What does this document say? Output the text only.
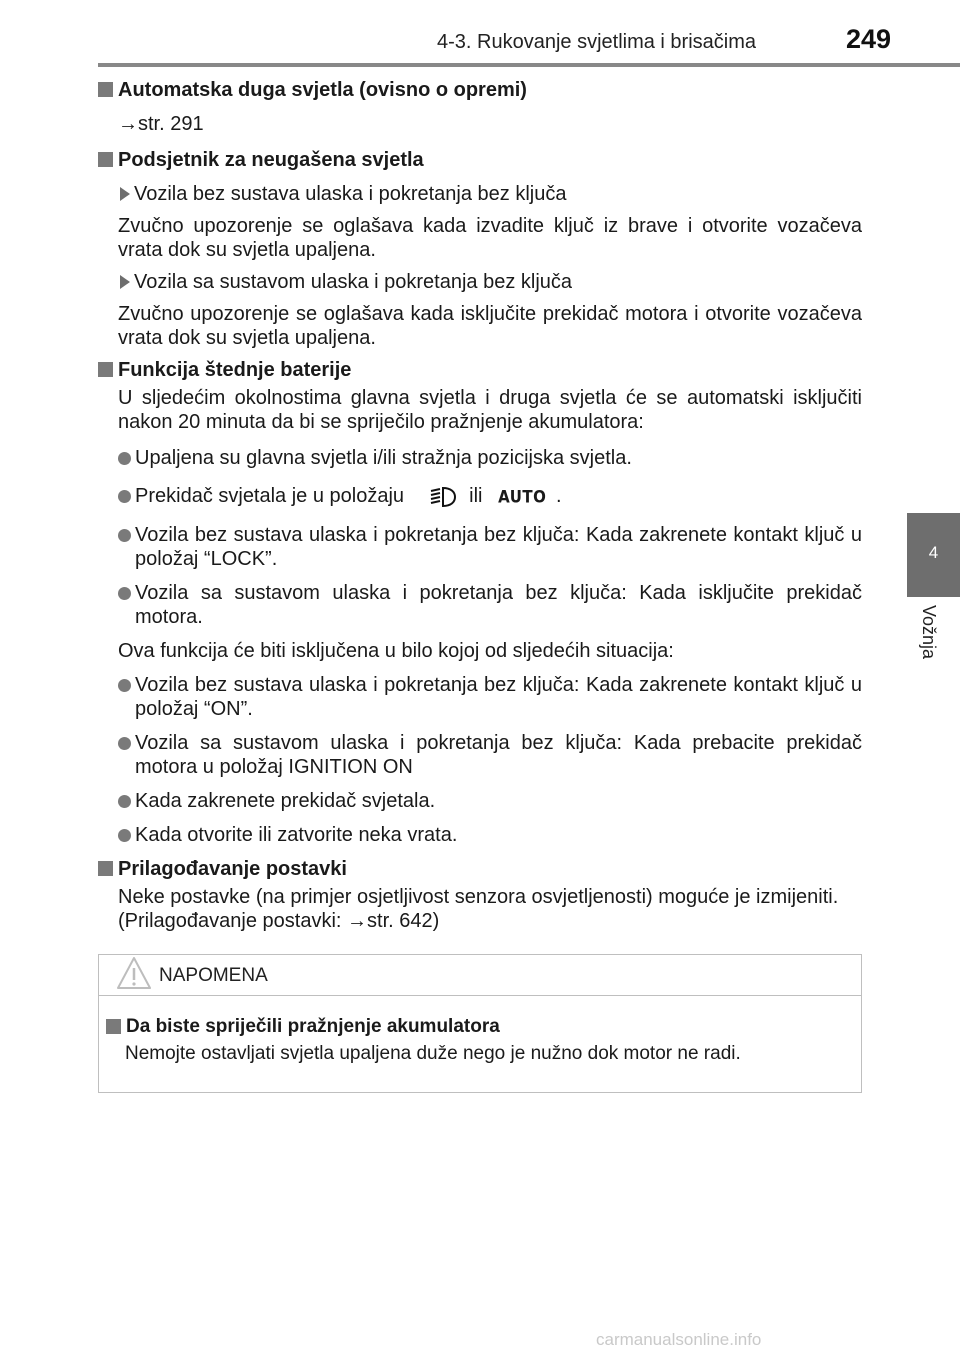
4-3. Rukovanje svjetlima i brisačima	249
4
Vožnja
Automatska duga svjetla (ovisno o opremi)
→str. 291
Podsjetnik za neugašena svjetla
Vozila bez sustava ulaska i pokretanja bez ključa
Zvučno upozorenje se oglašava kada izvadite ključ iz brave i otvorite vozačeva vrata dok su svjetla upaljena.
Vozila sa sustavom ulaska i pokretanja bez ključa
Zvučno upozorenje se oglašava kada isključite prekidač motora i otvorite vozačeva vrata dok su svjetla upaljena.
Funkcija štednje baterije
U sljedećim okolnostima glavna svjetla i druga svjetla će se automatski isključiti nakon 20 minuta da bi se spriječilo pražnjenje akumulatora:
Upaljena su glavna svjetla i/ili stražnja pozicijska svjetla.
Prekidač svjetala je u položaju	ili AUTO .
Vozila bez sustava ulaska i pokretanja bez ključa: Kada zakrenete kontakt ključ u položaj “LOCK”.
Vozila sa sustavom ulaska i pokretanja bez ključa: Kada isključite prekidač motora.
Ova funkcija će biti isključena u bilo kojoj od sljedećih situacija:
Vozila bez sustava ulaska i pokretanja bez ključa: Kada zakrenete kontakt ključ u položaj “ON”.
Vozila sa sustavom ulaska i pokretanja bez ključa: Kada prebacite prekidač motora u položaj IGNITION ON
Kada zakrenete prekidač svjetala.
Kada otvorite ili zatvorite neka vrata.
Prilagođavanje postavki
Neke postavke (na primjer osjetljivost senzora osvjetljenosti) moguće je izmijeniti.
(Prilagođavanje postavki: →str. 642)
NAPOMENA
Da biste spriječili pražnjenje akumulatora
Nemojte ostavljati svjetla upaljena duže nego je nužno dok motor ne radi.
carmanualsonline.info
